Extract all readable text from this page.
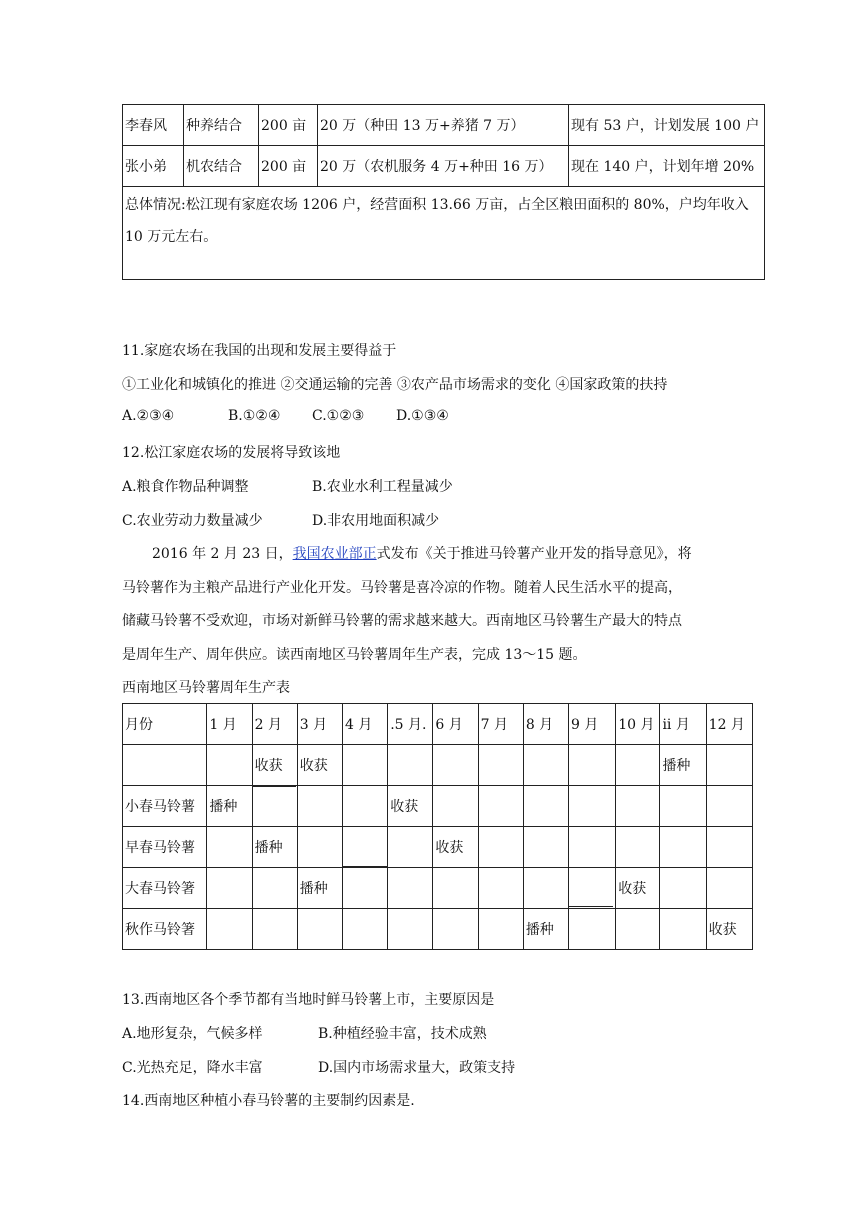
李春风	种养结合	200 亩	20 万（种田 13 万+养猪 7 万）	现有 53 户，计划发展 100 户
张小弟	机农结合	200 亩	20 万（农机服务 4 万+种田 16 万）	现在 140 户，计划年增 20%
总体情况:松江现有家庭农场 1206 户，经营面积 13.66 万亩，占全区粮田面积的 80%，户均年收入 10 万元左右。				
11.家庭农场在我国的出现和发展主要得益于
①工业化和城镇化的推进 ②交通运输的完善 ③农产品市场需求的变化 ④国家政策的扶持
A.②③④	B.①②④ C.①②③ D.①③④
12.松江家庭农场的发展将导致该地
A.粮食作物品种调整	B.农业水利工程量减少
C.农业劳动力数量减少	D.非农用地面积减少
2016 年 2 月 23 日，我国农业部正式发布《关于推进马铃薯产业开发的指导意见》，将
马铃薯作为主粮产品进行产业化开发。马铃薯是喜冷凉的作物。随着人民生活水平的提高，
储藏马铃薯不受欢迎，市场对新鲜马铃薯的需求越来越大。西南地区马铃薯生产最大的特点
是周年生产、周年供应。读西南地区马铃薯周年生产表，完成 13～15 题。
西南地区马铃薯周年生产表
月份	1 月	2 月	3 月	4 月	.5 月.	6 月	7 月	8 月	9 月	10 月	ii 月	12 月
		收获	收获								播种	
小春马铃薯	播种				收获							
早春马铃薯		播种				收获						
大春马铃箸			播种							收获		
秋作马铃箸								播种				收获
13.西南地区各个季节都有当地时鲜马铃薯上市，主要原因是
A.地形复杂，气候多样	B.种植经验丰富，技术成熟
C.光热充足，降水丰富	D.国内市场需求量大，政策支持
14.西南地区种植小春马铃薯的主要制约因素是.
